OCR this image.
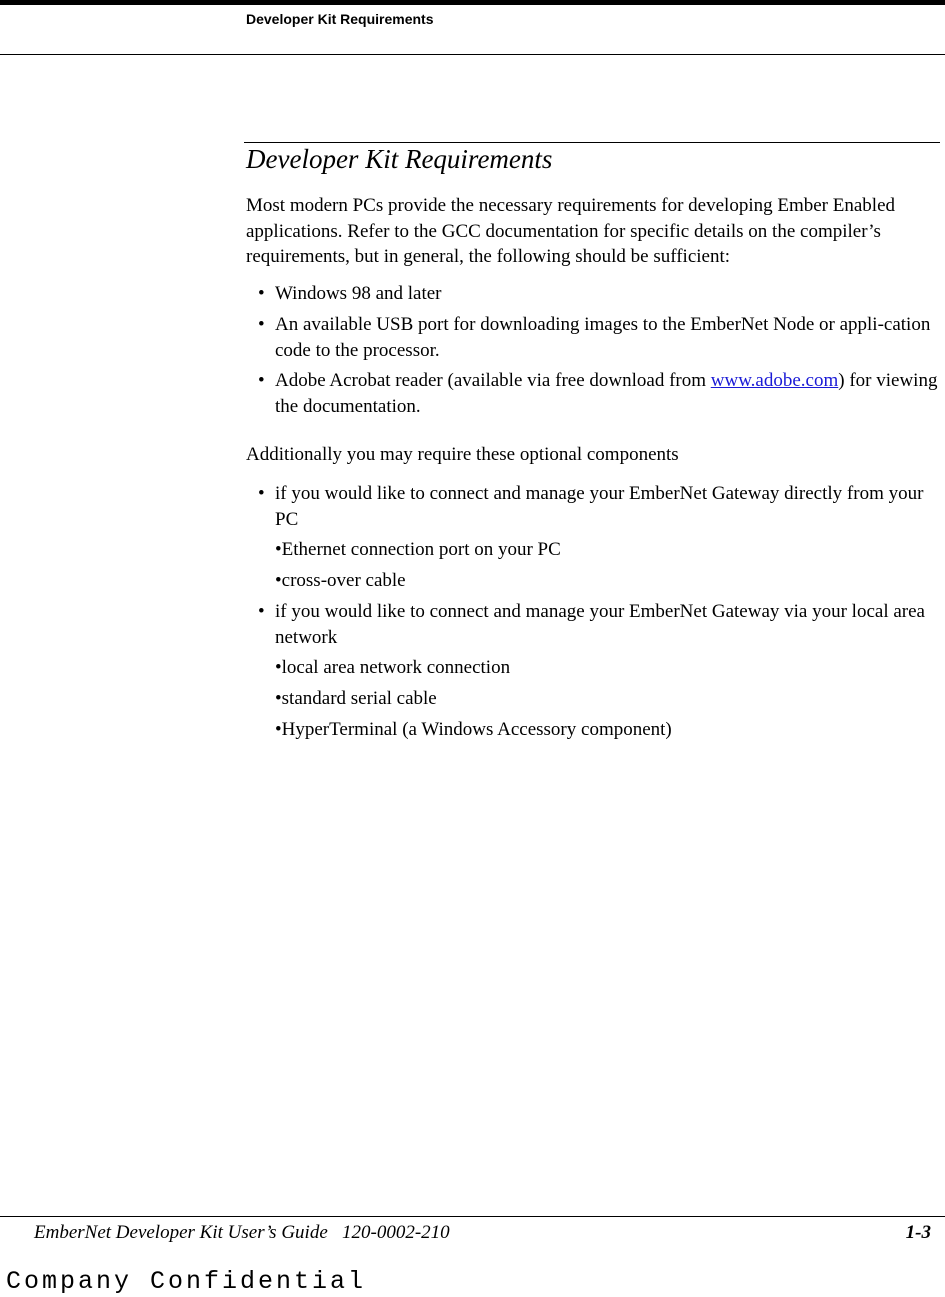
Developer Kit Requirements
Developer Kit Requirements

Most modern PCs provide the necessary requirements for developing Ember Enabled applications. Refer to the GCC documentation for specific details on the compiler’s requirements, but in general, the following should be sufficient:

• Windows 98 and later
• An available USB port for downloading images to the EmberNet Node or appli-cation code to the processor.
• Adobe Acrobat reader (available via free download from www.adobe.com) for viewing the documentation.

Additionally you may require these optional components

• if you would like to connect and manage your EmberNet Gateway directly from your PC
•Ethernet connection port on your PC
•cross-over cable
• if you would like to connect and manage your EmberNet Gateway via your local area network
•local area network connection
•standard serial cable
•HyperTerminal (a Windows Accessory component)
EmberNet Developer Kit User’s Guide 120-0002-210	1-3
Company Confidential
